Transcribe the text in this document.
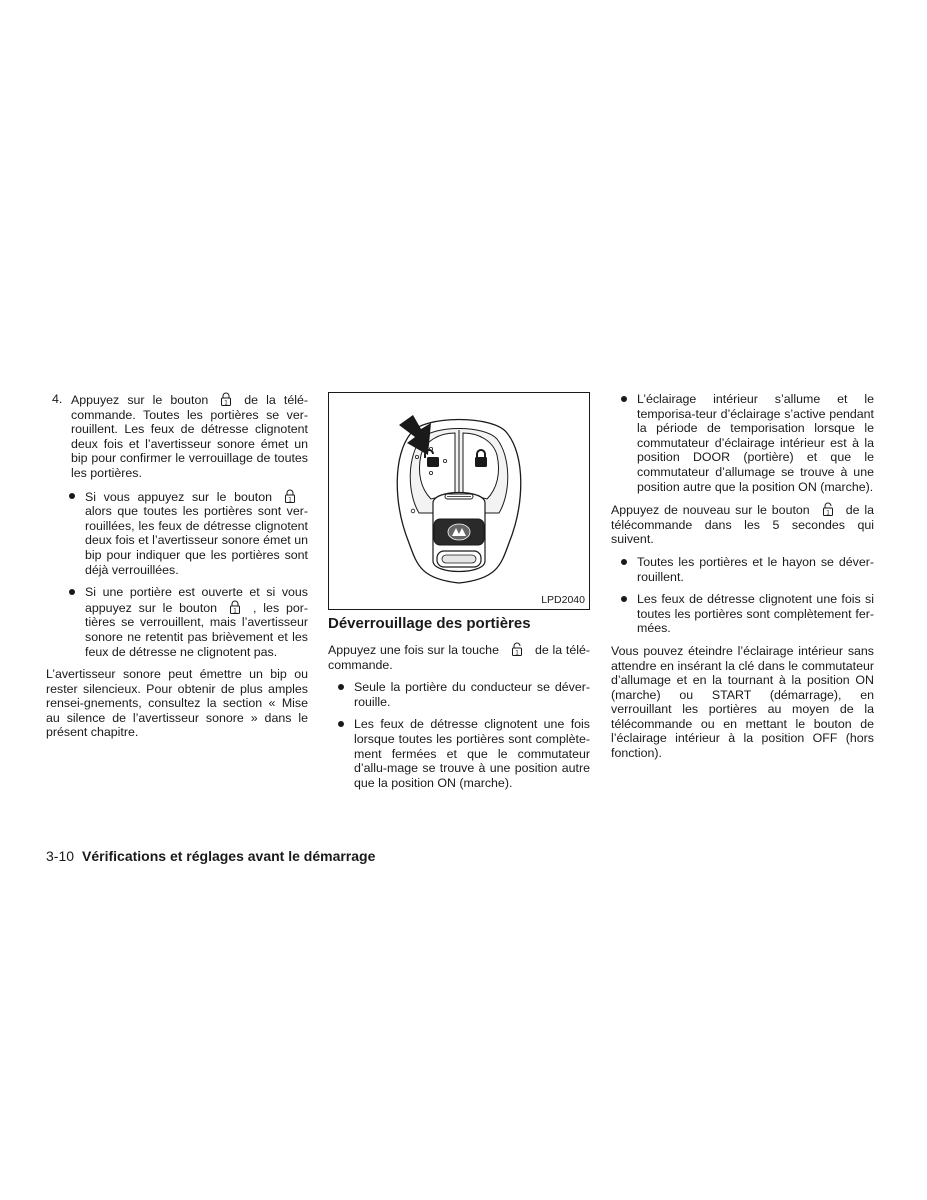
4. Appuyez sur le bouton	1 de la télé-commande. Toutes les portières se ver-rouillent. Les feux de détresse clignotent deux fois et l’avertisseur sonore émet un bip pour confirmer le verrouillage de toutes les portières.

Si vous appuyez sur le bouton	1
alors que toutes les portières sont ver-rouillées, les feux de détresse clignotent deux fois et l’avertisseur sonore émet un bip pour indiquer que les portières sont déjà verrouillées.

Si une portière est ouverte et si vous appuyez sur le bouton	1 , les por-tières se verrouillent, mais l’avertisseur sonore ne retentit pas brièvement et les feux de détresse ne clignotent pas.

L’avertisseur sonore peut émettre un bip ou rester silencieux. Pour obtenir de plus amples rensei-gnements, consultez la section « Mise au silence de l’avertisseur sonore » dans le présent chapitre.

LPD2040
Déverrouillage des portières

Appuyez une fois sur la touche	1 de la télé-commande.

Seule la portière du conducteur se déver-rouille.

Les feux de détresse clignotent une fois lorsque toutes les portières sont complète-ment fermées et que le commutateur d’allu-mage se trouve à une position autre que la position ON (marche).

L’éclairage intérieur s’allume et le temporisa-teur d’éclairage s’active pendant la période de temporisation lorsque le commutateur d’éclairage intérieur est à la position DOOR (portière) et que le commutateur d’allumage se trouve à une position autre que la position ON (marche).

Appuyez de nouveau sur le bouton	1 de la télécommande dans les 5 secondes qui suivent.

Toutes les portières et le hayon se déver-rouillent.

Les feux de détresse clignotent une fois si toutes les portières sont complètement fer-mées.

Vous pouvez éteindre l’éclairage intérieur sans attendre en insérant la clé dans le commutateur d’allumage et en la tournant à la position ON (marche) ou START (démarrage), en verrouillant les portières au moyen de la télécommande ou en mettant le bouton de l’éclairage intérieur à la position OFF (hors fonction).

3-10 Vérifications et réglages avant le démarrage
